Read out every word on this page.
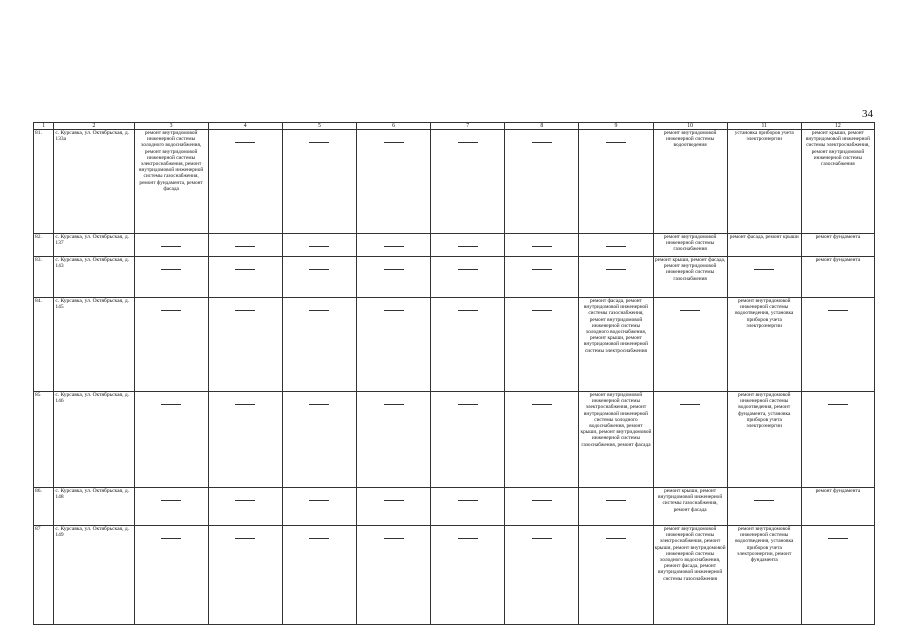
34
1	2	3	4	5	6	7	8	9	10	11	12
81.	с. Курсавка, ул. Октябрьская, д. 133а	ремонт внутридомовой инженерной системы холодного водоснабжения, ремонт внутридомовой инженерной системы электроснабжения, ремонт внутридомовой инженерной системы газоснабжения, ремонт фундамента, ремонт фасада							ремонт внутридомовой инженерной системы водоотведения	установка приборов учета электроэнергии	ремонт крыши, ремонт внутридомовой инженерной системы электроснабжения, ремонт внутридомовой инженерной системы газоснабжения
82.	с. Курсавка, ул. Октябрьская, д. 137								ремонт внутридомовой инженерной системы газоснабжения	ремонт фасада, ремонт крыши	ремонт фундамента
83.	с. Курсавка, ул. Октябрьская, д. 143								ремонт крыши, ремонт фасада, ремонт внутридомовой инженерной системы газоснабжения		ремонт фундамента
84.	с. Курсавка, ул. Октябрьская, д. 145							ремонт фасада, ремонт внутридомовой инженерной системы газоснабжения, ремонт внутридомовой инженерной системы холодного водоснабжения, ремонт крыши, ремонт внутридомовой инженерной системы электроснабжения		ремонт внутридомовой инженерной системы водоотведения, установка приборов учета электроэнергии	
85	с. Курсавка, ул. Октябрьская, д. 146							ремонт внутридомовой инженерной системы электроснабжения, ремонт внутридомовой инженерной системы холодного водоснабжения, ремонт крыши, ремонт внутридомовой инженерной системы газоснабжения, ремонт фасада		ремонт внутридомовой инженерной системы водоотведения, ремонт фундамента, установка приборов учета электроэнергии	
86.	с. Курсавка, ул. Октябрьская, д. 148								ремонт крыши, ремонт внутридомовой инженерной системы газоснабжения, ремонт фасада		ремонт фундамента
87	с. Курсавка, ул. Октябрьская, д. 149								ремонт внутридомовой инженерной системы электроснабжения, ремонт крыши, ремонт внутридомовой инженерной системы холодного водоснабжения, ремонт фасада, ремонт внутридомовой инженерной системы газоснабжения	ремонт внутридомовой инженерной системы водоотведения, установка приборов учета электроэнергии, ремонт фундамента	
